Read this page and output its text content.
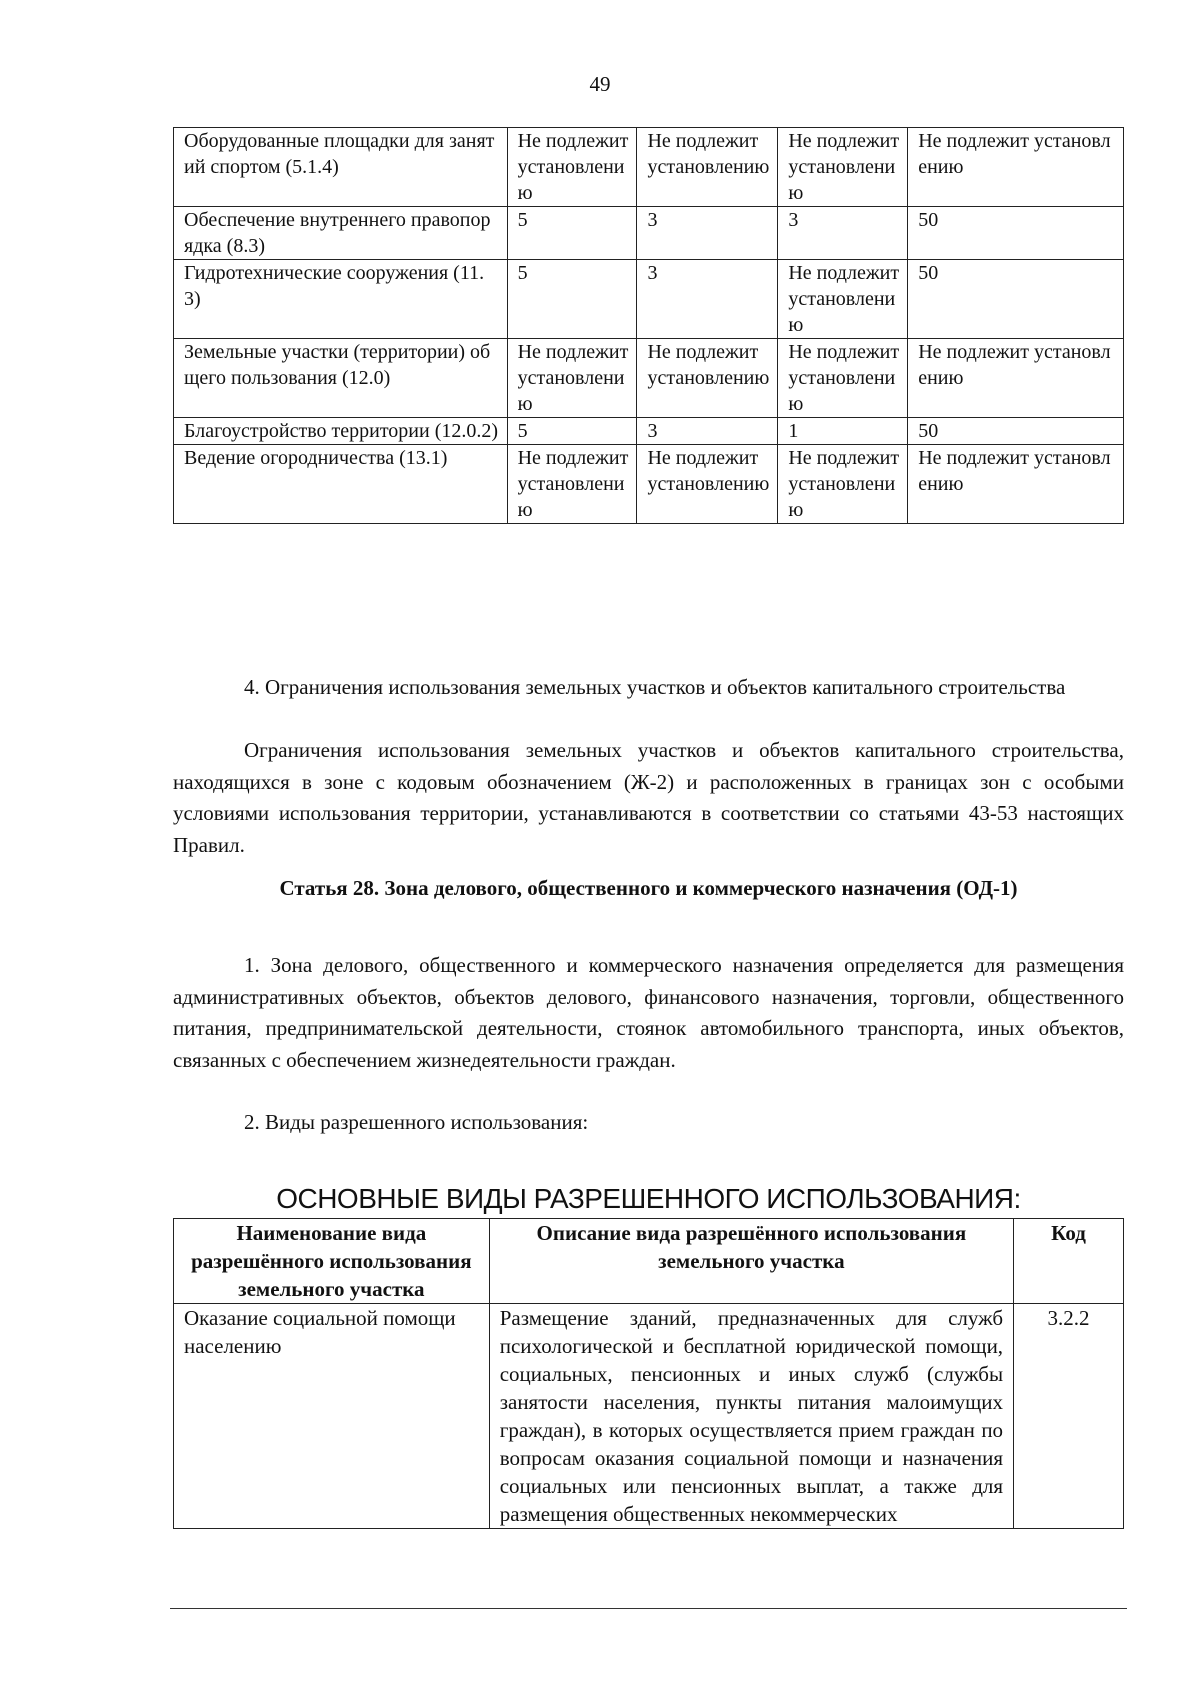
49
Оборудованные площадки для занятий спортом (5.1.4)	Не подлежит установлению	Не подлежит установлению	Не подлежит установлению	Не подлежит установлению
Обеспечение внутреннего правопорядка (8.3)	5	3	3	50
Гидротехнические сооружения (11.3)	5	3	Не подлежит установлению	50
Земельные участки (территории) общего пользования (12.0)	Не подлежит установлению	Не подлежит установлению	Не подлежит установлению	Не подлежит установлению
Благоустройство территории (12.0.2)	5	3	1	50
Ведение огородничества (13.1)	Не подлежит установлению	Не подлежит установлению	Не подлежит установлению	Не подлежит установлению
4. Ограничения использования земельных участков и объектов капитального строительства
Ограничения использования земельных участков и объектов капитального строительства, находящихся в зоне с кодовым обозначением (Ж-2) и расположенных в границах зон с особыми условиями использования территории, устанавливаются в соответствии со статьями 43-53 настоящих Правил.
Статья 28. Зона делового, общественного и коммерческого назначения (ОД-1)
1. Зона делового, общественного и коммерческого назначения определяется для размещения административных объектов, объектов делового, финансового назначения, торговли, общественного питания, предпринимательской деятельности, стоянок автомобильного транспорта, иных объектов, связанных с обеспечением жизнедеятельности граждан.
2. Виды разрешенного использования:
ОСНОВНЫЕ ВИДЫ РАЗРЕШЕННОГО ИСПОЛЬЗОВАНИЯ:
Наименование вида разрешённого использования земельного участка	Описание вида разрешённого использования земельного участка	Код
Оказание социальной помощи населению	Размещение зданий, предназначенных для служб психологической и бесплатной юридической помощи, социальных, пенсионных и иных служб (службы занятости населения, пункты питания малоимущих граждан), в которых осуществляется прием граждан по вопросам оказания социальной помощи и назначения социальных или пенсионных выплат, а также для размещения общественных некоммерческих	3.2.2
